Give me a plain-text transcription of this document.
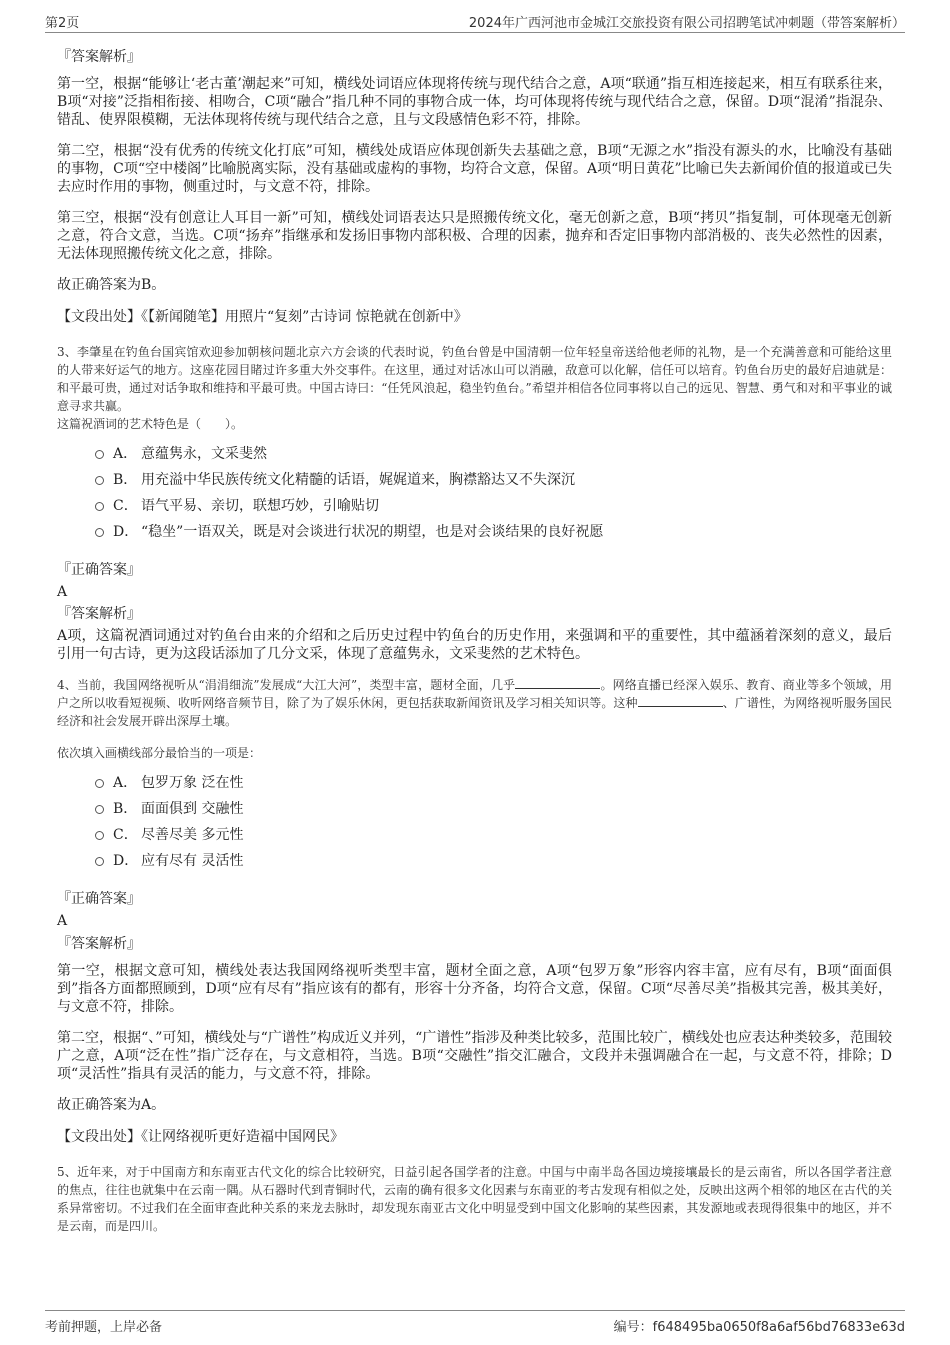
第2页	2024年广西河池市金城江交旅投资有限公司招聘笔试冲刺题（带答案解析）
『答案解析』

第一空，根据“能够让‘老古董’潮起来”可知，横线处词语应体现将传统与现代结合之意，A项“联通”指互相连接起来，相互有联系往来，B项“对接”泛指相衔接、相吻合，C项“融合”指几种不同的事物合成一体，均可体现将传统与现代结合之意，保留。D项“混淆”指混杂、错乱、使界限模糊，无法体现将传统与现代结合之意，且与文段感情色彩不符，排除。

第二空，根据“没有优秀的传统文化打底”可知，横线处成语应体现创新失去基础之意，B项“无源之水”指没有源头的水，比喻没有基础的事物，C项“空中楼阁”比喻脱离实际，没有基础或虚构的事物，均符合文意，保留。A项“明日黄花”比喻已失去新闻价值的报道或已失去应时作用的事物，侧重过时，与文意不符，排除。

第三空，根据“没有创意让人耳目一新”可知，横线处词语表达只是照搬传统文化，毫无创新之意，B项“拷贝”指复制，可体现毫无创新之意，符合文意，当选。C项“扬弃”指继承和发扬旧事物内部积极、合理的因素，抛弃和否定旧事物内部消极的、丧失必然性的因素，无法体现照搬传统文化之意，排除。

故正确答案为B。

【文段出处】《【新闻随笔】用照片“复刻”古诗词 惊艳就在创新中》

3、李肇星在钓鱼台国宾馆欢迎参加朝核问题北京六方会谈的代表时说，钓鱼台曾是中国清朝一位年轻皇帝送给他老师的礼物，是一个充满善意和可能给这里的人带来好运气的地方。这座花园目睹过许多重大外交事件。在这里，通过对话冰山可以消融，敌意可以化解，信任可以培育。钓鱼台历史的最好启迪就是：和平最可贵，通过对话争取和维持和平最可贵。中国古诗曰：“任凭风浪起，稳坐钓鱼台。”希望并相信各位同事将以自己的远见、智慧、勇气和对和平事业的诚意寻求共赢。

这篇祝酒词的艺术特色是（　　）。

A． 意蕴隽永，文采斐然
B． 用充溢中华民族传统文化精髓的话语，娓娓道来，胸襟豁达又不失深沉
C． 语气平易、亲切，联想巧妙，引喻贴切
D． “稳坐”一语双关，既是对会谈进行状况的期望，也是对会谈结果的良好祝愿
『正确答案』
A
『答案解析』

A项，这篇祝酒词通过对钓鱼台由来的介绍和之后历史过程中钓鱼台的历史作用，来强调和平的重要性，其中蕴涵着深刻的意义，最后引用一句古诗，更为这段话添加了几分文采，体现了意蕴隽永，文采斐然的艺术特色。

4、当前，我国网络视听从“涓涓细流”发展成“大江大河”，类型丰富，题材全面，几乎	。网络直播已经深入娱乐、教育、商业等多个领域，用户之所以收看短视频、收听网络音频节目，除了为了娱乐休闲，更包括获取新闻资讯及学习相关知识等。这种	、广谱性，为网络视听服务国民经济和社会发展开辟出深厚土壤。

依次填入画横线部分最恰当的一项是：

A． 包罗万象 泛在性
B． 面面俱到 交融性
C． 尽善尽美 多元性
D． 应有尽有 灵活性
『正确答案』
A
『答案解析』

第一空，根据文意可知，横线处表达我国网络视听类型丰富，题材全面之意，A项“包罗万象”形容内容丰富，应有尽有，B项“面面俱到”指各方面都照顾到，D项“应有尽有”指应该有的都有，形容十分齐备，均符合文意，保留。C项“尽善尽美”指极其完善，极其美好，与文意不符，排除。

第二空，根据“、”可知，横线处与“广谱性”构成近义并列，“广谱性”指涉及种类比较多，范围比较广，横线处也应表达种类较多，范围较广之意，A项“泛在性”指广泛存在，与文意相符，当选。B项“交融性”指交汇融合，文段并未强调融合在一起，与文意不符，排除；D项“灵活性”指具有灵活的能力，与文意不符，排除。

故正确答案为A。

【文段出处】《让网络视听更好造福中国网民》

5、近年来，对于中国南方和东南亚古代文化的综合比较研究，日益引起各国学者的注意。中国与中南半岛各国边境接壤最长的是云南省，所以各国学者注意的焦点，往往也就集中在云南一隅。从石器时代到青铜时代，云南的确有很多文化因素与东南亚的考古发现有相似之处，反映出这两个相邻的地区在古代的关系异常密切。不过我们在全面审查此种关系的来龙去脉时，却发现东南亚古文化中明显受到中国文化影响的某些因素，其发源地或表现得很集中的地区，并不是云南，而是四川。

考前押题，上岸必备	编号：f648495ba0650f8a6af56bd76833e63d
